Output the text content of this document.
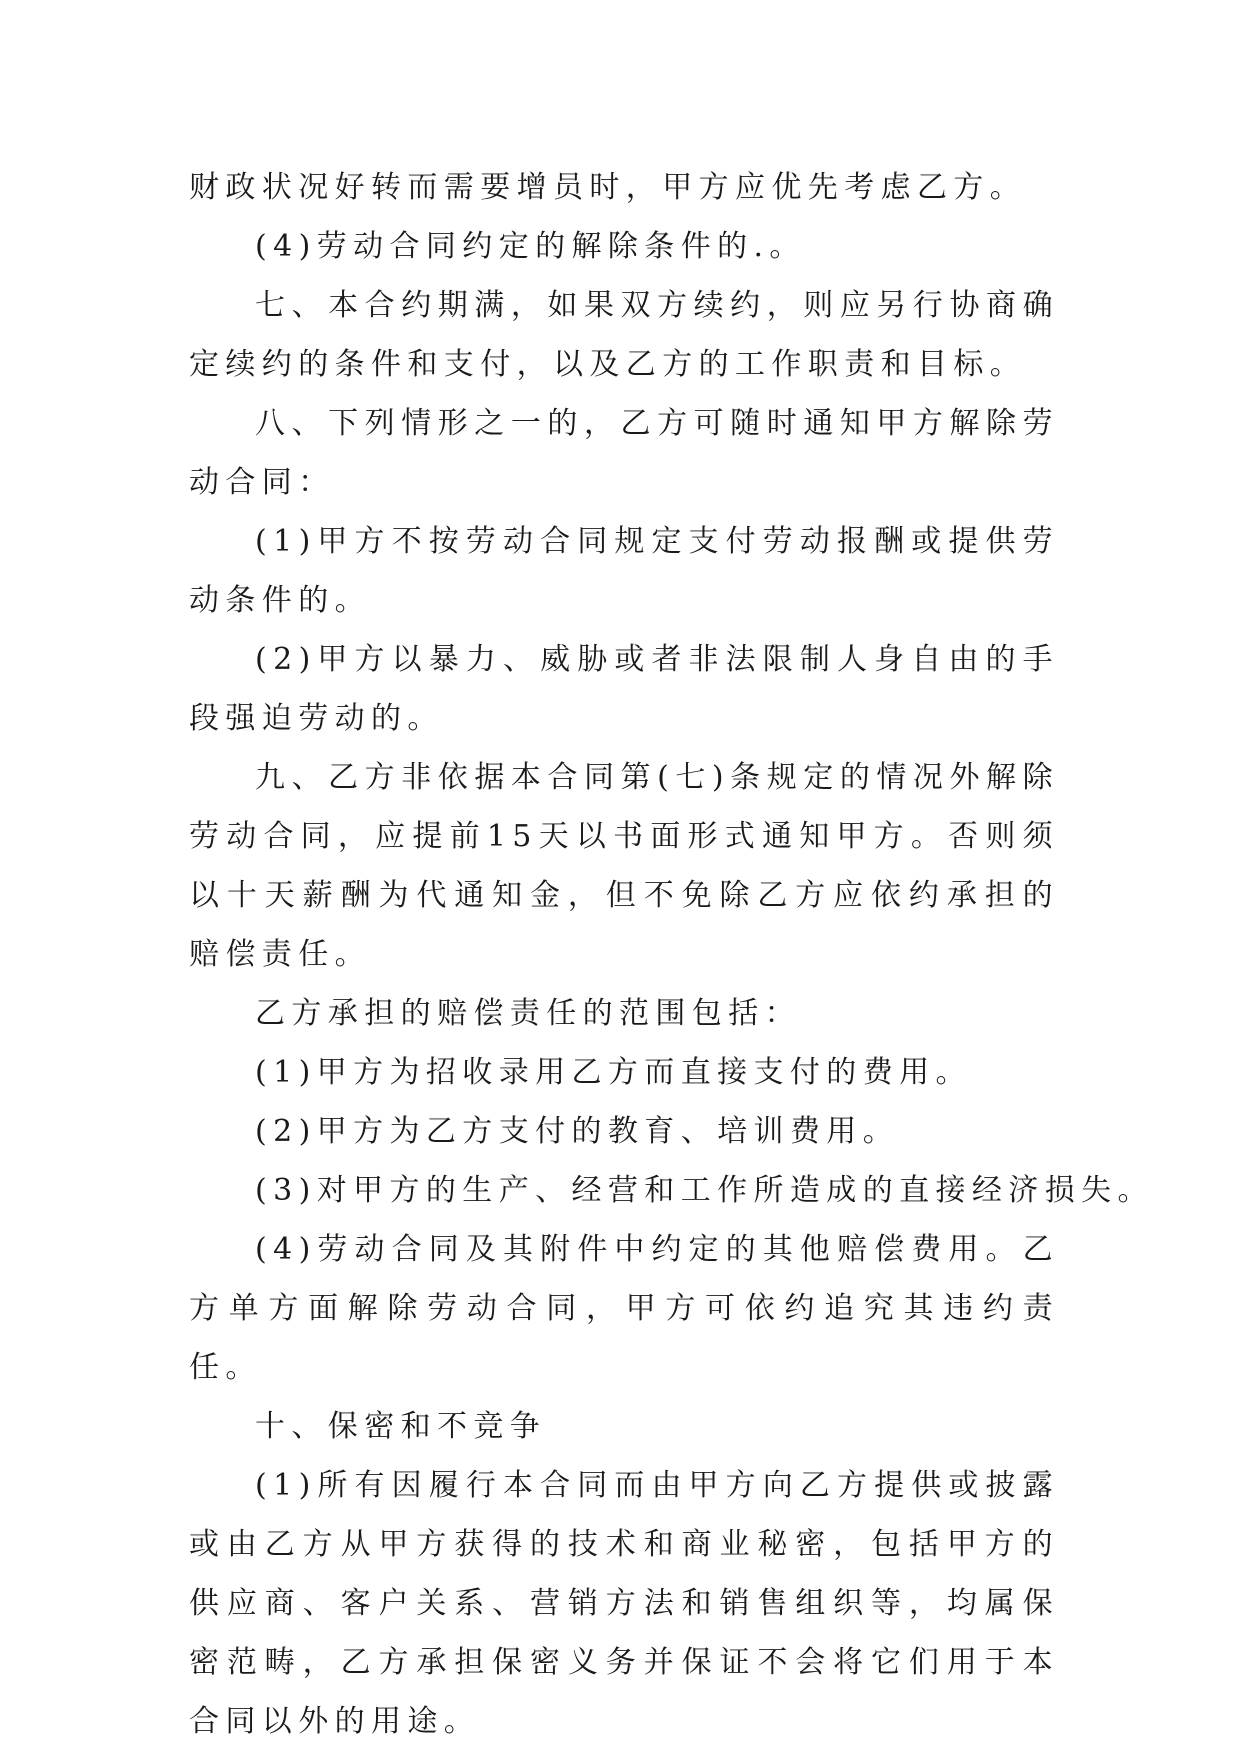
财政状况好转而需要增员时，甲方应优先考虑乙方。

(4)劳动合同约定的解除条件的.。

七、本合约期满，如果双方续约，则应另行协商确定续约的条件和支付，以及乙方的工作职责和目标。

八、下列情形之一的，乙方可随时通知甲方解除劳动合同：

(1)甲方不按劳动合同规定支付劳动报酬或提供劳动条件的。

(2)甲方以暴力、威胁或者非法限制人身自由的手段强迫劳动的。

九、乙方非依据本合同第(七)条规定的情况外解除劳动合同，应提前15天以书面形式通知甲方。否则须以十天薪酬为代通知金，但不免除乙方应依约承担的赔偿责任。

乙方承担的赔偿责任的范围包括：

(1)甲方为招收录用乙方而直接支付的费用。

(2)甲方为乙方支付的教育、培训费用。

(3)对甲方的生产、经营和工作所造成的直接经济损失。

(4)劳动合同及其附件中约定的其他赔偿费用。乙方单方面解除劳动合同，甲方可依约追究其违约责任。

十、保密和不竞争

(1)所有因履行本合同而由甲方向乙方提供或披露或由乙方从甲方获得的技术和商业秘密，包括甲方的供应商、客户关系、营销方法和销售组织等，均属保密范畴，乙方承担保密义务并保证不会将它们用于本合同以外的用途。
